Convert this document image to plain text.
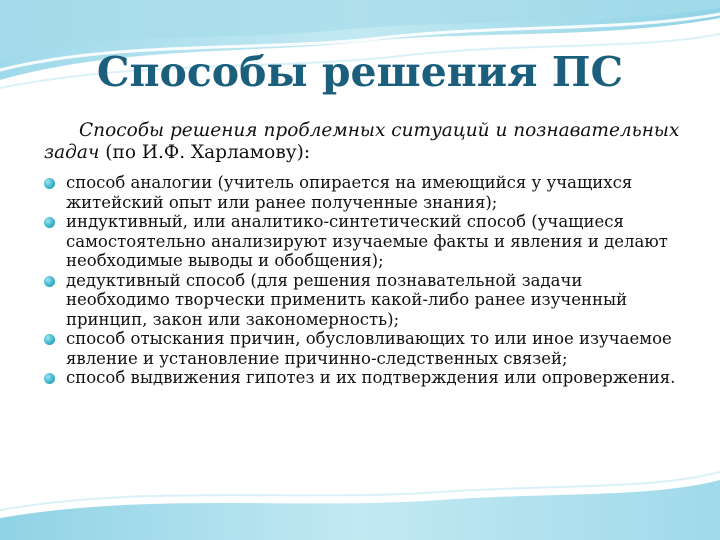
Способы решения ПС

Способы решения проблемных ситуаций и познавательных задач (по И.Ф. Харламову):

способ аналогии (учитель опирается на имеющийся у учащихся житейский опыт или ранее полученные знания);
индуктивный, или аналитико-синтетический способ (учащиеся самостоятельно анализируют изучаемые факты и явления и делают необходимые выводы и обобщения);
дедуктивный способ (для решения познавательной задачи необходимо творчески применить какой-либо ранее изученный принцип, закон или закономерность);
способ отыскания причин, обусловливающих то или иное изучаемое явление и установление причинно-следственных связей;
способ выдвижения гипотез и их подтверждения или опровержения.
